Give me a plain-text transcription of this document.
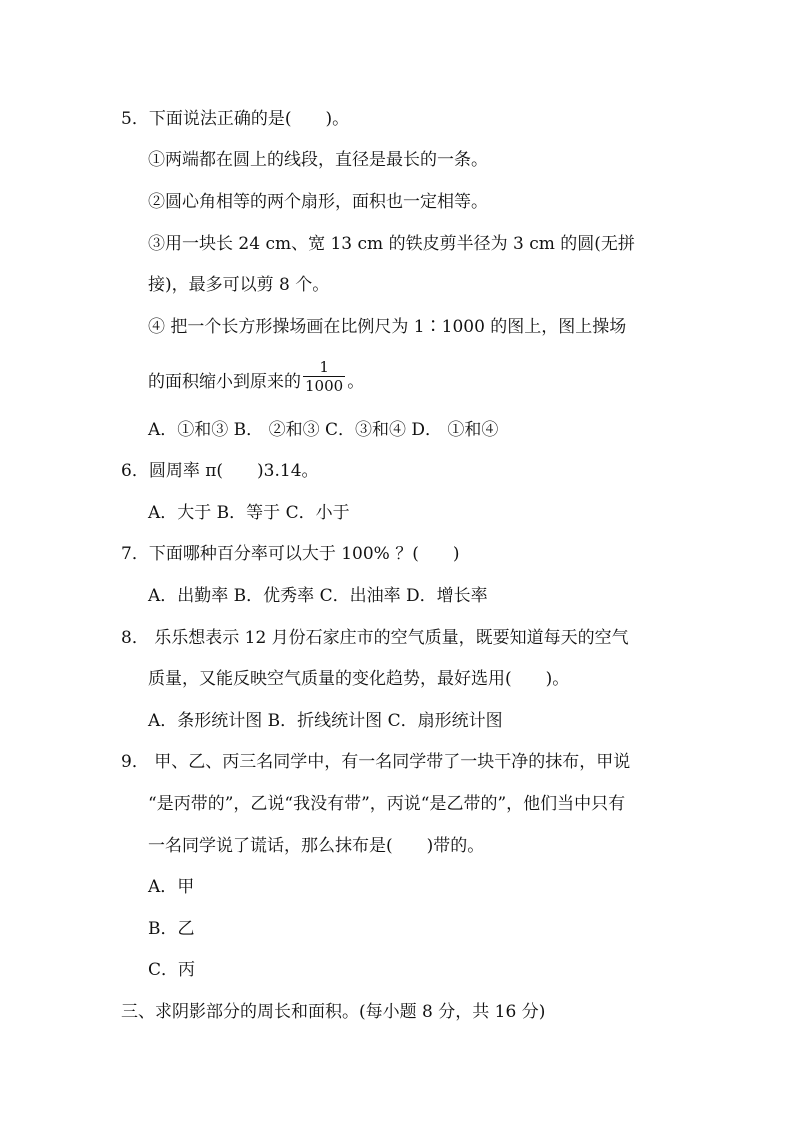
5．下面说法正确的是(　　)。
①两端都在圆上的线段，直径是最长的一条。
②圆心角相等的两个扇形，面积也一定相等。
③用一块长 24 cm、宽 13 cm 的铁皮剪半径为 3 cm 的圆(无拼
接)，最多可以剪 8 个。
④ 把一个长方形操场画在比例尺为 1∶1000 的图上，图上操场
的面积缩小到原来的 $\frac{1}{1000}$ 。
A．①和③ B． ②和③ C．③和④ D． ①和④
6．圆周率 π(　　)3.14。
A．大于 B．等于 C．小于
7．下面哪种百分率可以大于 100% ？(　　)
A．出勤率 B．优秀率 C．出油率 D．增长率
8． 乐乐想表示 12 月份石家庄市的空气质量，既要知道每天的空气
质量，又能反映空气质量的变化趋势，最好选用(　　)。
A．条形统计图 B．折线统计图 C．扇形统计图
9． 甲、乙、丙三名同学中，有一名同学带了一块干净的抹布，甲说
“是丙带的”，乙说“我没有带”，丙说“是乙带的”，他们当中只有
一名同学说了谎话，那么抹布是(　　)带的。
A．甲
B．乙
C．丙
三、求阴影部分的周长和面积。(每小题 8 分，共 16 分)
